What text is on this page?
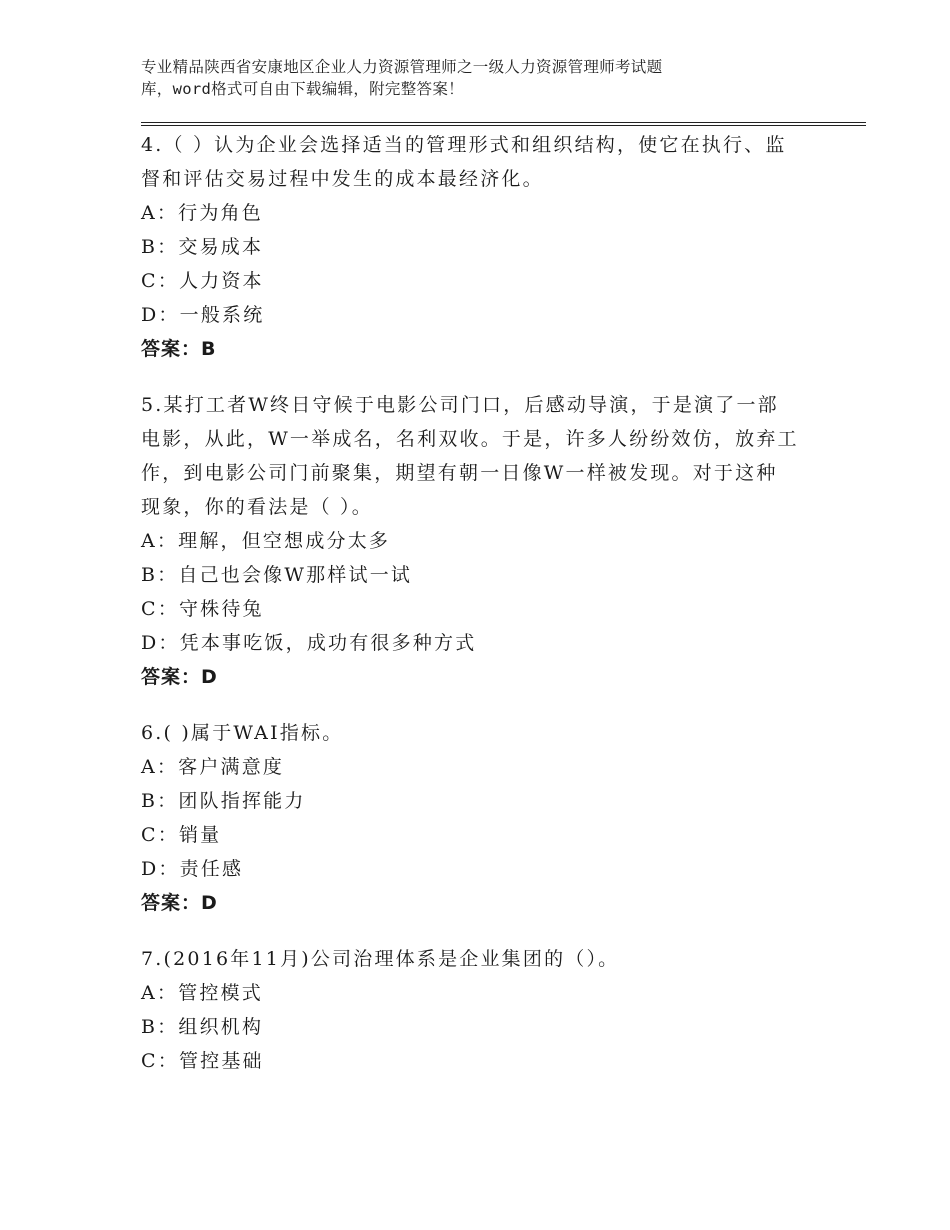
专业精品陕西省安康地区企业人力资源管理师之一级人力资源管理师考试题
库，word格式可自由下载编辑，附完整答案！

4.（ ）认为企业会选择适当的管理形式和组织结构，使它在执行、监

督和评估交易过程中发生的成本最经济化。

A：行为角色

B：交易成本

C：人力资本

D：一般系统

答案：B

5.某打工者W终日守候于电影公司门口，后感动导演，于是演了一部

电影，从此，W一举成名，名利双收。于是，许多人纷纷效仿，放弃工

作，到电影公司门前聚集，期望有朝一日像W一样被发现。对于这种

现象，你的看法是（ ）。

A：理解，但空想成分太多

B：自己也会像W那样试一试

C：守株待兔

D：凭本事吃饭，成功有很多种方式

答案：D

6.( )属于WAI指标。

A：客户满意度

B：团队指挥能力

C：销量

D：责任感

答案：D

7.(2016年11月)公司治理体系是企业集团的（）。

A：管控模式

B：组织机构

C：管控基础
